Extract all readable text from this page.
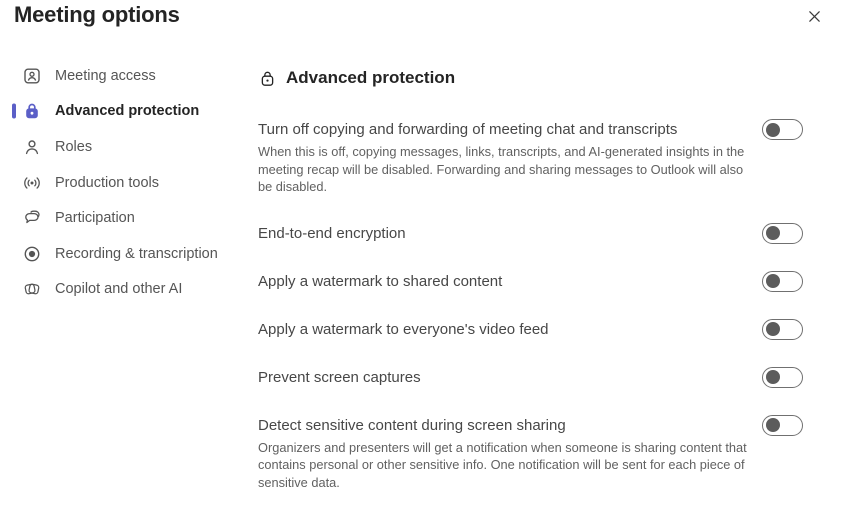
Meeting options
Meeting access
Advanced protection
Roles
Production tools
Participation
Recording & transcription
Copilot and other AI
Advanced protection
Turn off copying and forwarding of meeting chat and transcripts
When this is off, copying messages, links, transcripts, and AI-generated insights in the meeting recap will be disabled. Forwarding and sharing messages to Outlook will also be disabled.
End-to-end encryption
Apply a watermark to shared content
Apply a watermark to everyone's video feed
Prevent screen captures
Detect sensitive content during screen sharing
Organizers and presenters will get a notification when someone is sharing content that contains personal or other sensitive info. One notification will be sent for each piece of sensitive data.
